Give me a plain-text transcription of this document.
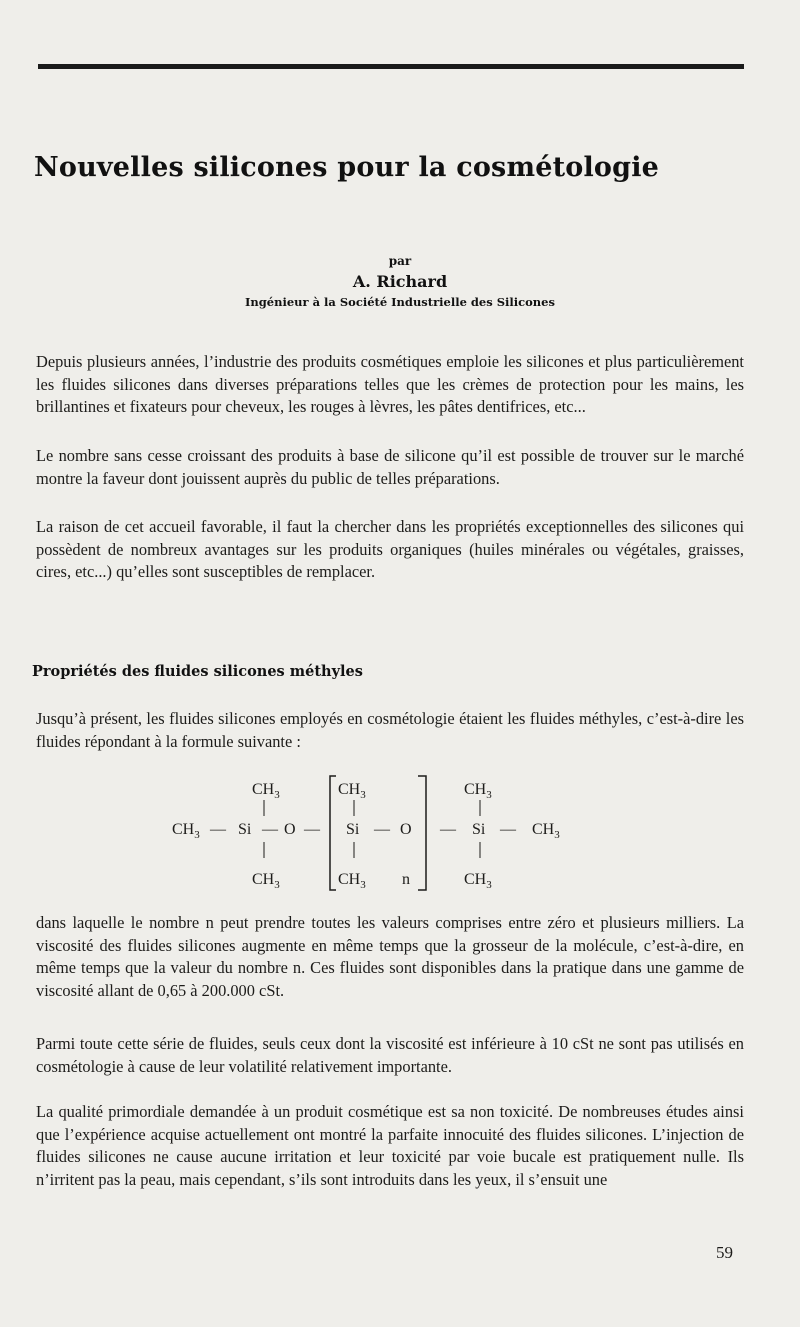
Nouvelles silicones pour la cosmétologie
par
A. Richard
Ingénieur à la Société Industrielle des Silicones
Depuis plusieurs années, l’industrie des produits cosmétiques emploie les silicones et plus particulièrement les fluides silicones dans diverses préparations telles que les crèmes de protection pour les mains, les brillantines et fixateurs pour cheveux, les rouges à lèvres, les pâtes dentifrices, etc...
Le nombre sans cesse croissant des produits à base de silicone qu’il est possible de trouver sur le marché montre la faveur dont jouissent auprès du public de telles préparations.
La raison de cet accueil favorable, il faut la chercher dans les propriétés exceptionnelles des silicones qui possèdent de nombreux avantages sur les produits organiques (huiles minérales ou végétales, graisses, cires, etc...) qu’elles sont susceptibles de remplacer.
Propriétés des fluides silicones méthyles
Jusqu’à présent, les fluides silicones employés en cosmétologie étaient les fluides méthyles, c’est-à-dire les fluides répondant à la formule suivante :
$CH_3$	$CH_3$	$CH_3$
$CH_3$ — Si — O — Si — O — Si — $CH_3$
$CH_3$	$CH_3$ n	$CH_3$
dans laquelle le nombre n peut prendre toutes les valeurs comprises entre zéro et plusieurs milliers. La viscosité des fluides silicones augmente en même temps que la grosseur de la molécule, c’est-à-dire, en même temps que la valeur du nombre n. Ces fluides sont disponibles dans la pratique dans une gamme de viscosité allant de 0,65 à 200.000 cSt.
Parmi toute cette série de fluides, seuls ceux dont la viscosité est inférieure à 10 cSt ne sont pas utilisés en cosmétologie à cause de leur volatilité relativement importante.
La qualité primordiale demandée à un produit cosmétique est sa non toxicité. De nombreuses études ainsi que l’expérience acquise actuellement ont montré la parfaite innocuité des fluides silicones. L’injection de fluides silicones ne cause aucune irritation et leur toxicité par voie bucale est pratiquement nulle. Ils n’irritent pas la peau, mais cependant, s’ils sont introduits dans les yeux, il s’ensuit une
59
